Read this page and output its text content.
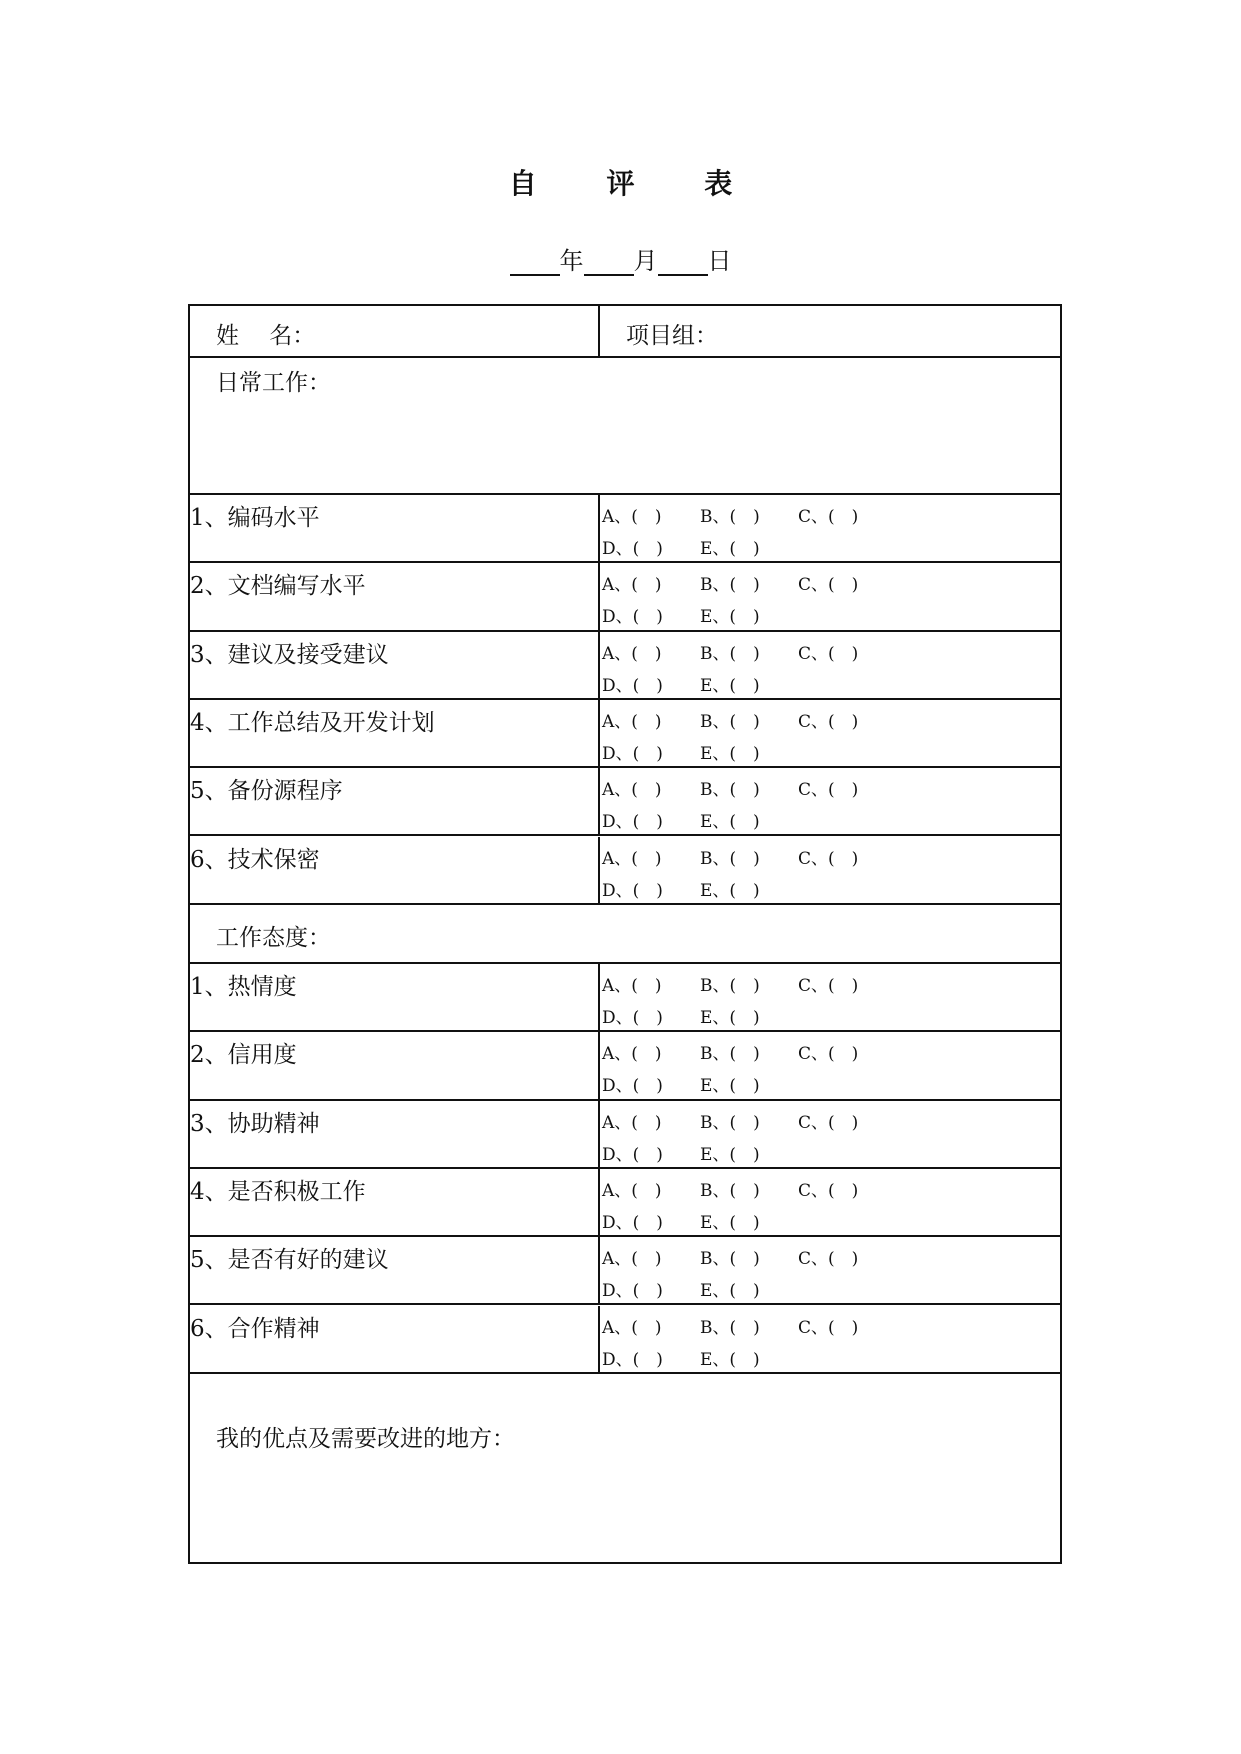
自 评 表
年 月 日
姓　 名：	项目组：
日常工作：
工作态度：
我的优点及需要改进的地方：
1、编码水平	A、(　) B、(　) C、(　)
D、(　) E、(　)
2、文档编写水平	A、(　) B、(　) C、(　)
D、(　) E、(　)
3、建议及接受建议	A、(　) B、(　) C、(　)
D、(　) E、(　)
4、工作总结及开发计划	A、(　) B、(　) C、(　)
D、(　) E、(　)
5、备份源程序	A、(　) B、(　) C、(　)
D、(　) E、(　)
6、技术保密	A、(　) B、(　) C、(　)
D、(　) E、(　)
1、热情度	A、(　) B、(　) C、(　)
D、(　) E、(　)
2、信用度	A、(　) B、(　) C、(　)
D、(　) E、(　)
3、协助精神	A、(　) B、(　) C、(　)
D、(　) E、(　)
4、是否积极工作	A、(　) B、(　) C、(　)
D、(　) E、(　)
5、是否有好的建议	A、(　) B、(　) C、(　)
D、(　) E、(　)
6、合作精神	A、(　) B、(　) C、(　)
D、(　) E、(　)
